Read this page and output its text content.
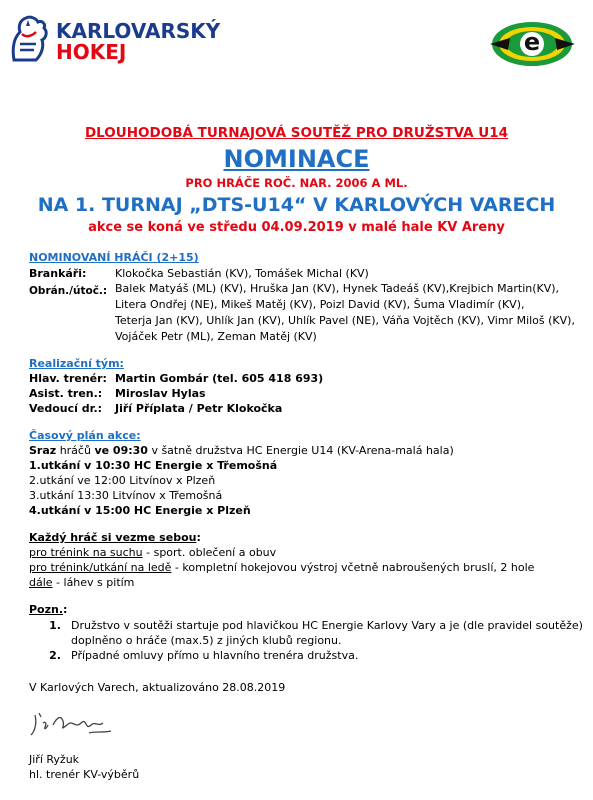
KARLOVARSKÝ
HOKEJ	e
DLOUHODOBÁ TURNAJOVÁ SOUTĚŽ PRO DRUŽSTVA U14
NOMINACE
PRO HRÁČE ROČ. NAR. 2006 A ML.
NA 1. TURNAJ „DTS-U14“ V KARLOVÝCH VARECH
akce se koná ve středu 04.09.2019 v malé hale KV Areny
NOMINOVANÍ HRÁČI (2+15)
Brankáři:	Klokočka Sebastián (KV), Tomášek Michal (KV)
Obrán./útoč.: Balek Matyáš (ML) (KV), Hruška Jan (KV), Hynek Tadeáš (KV),Krejbich Martin(KV),
Litera Ondřej (NE), Mikeš Matěj (KV), Poizl David (KV), Šuma Vladimír (KV),
Teterja Jan (KV), Uhlík Jan (KV), Uhlík Pavel (NE), Váňa Vojtěch (KV), Vimr Miloš (KV),
Vojáček Petr (ML), Zeman Matěj (KV)
Realizační tým:
Hlav. trenér: Martin Gombár (tel. 605 418 693)
Asist. tren.: Miroslav Hylas
Vedoucí dr.: Jiří Příplata / Petr Klokočka
Časový plán akce:
Sraz hráčů ve 09:30 v šatně družstva HC Energie U14 (KV-Arena-malá hala)
1.utkání v 10:30 HC Energie x Třemošná
2.utkání ve 12:00 Litvínov x Plzeň
3.utkání 13:30 Litvínov x Třemošná
4.utkání v 15:00 HC Energie x Plzeň
Každý hráč si vezme sebou:
pro trénink na suchu - sport. oblečení a obuv
pro trénink/utkání na ledě - kompletní hokejovou výstroj včetně nabroušených bruslí, 2 hole
dále - láhev s pitím
Pozn.:
1. Družstvo v soutěži startuje pod hlavičkou HC Energie Karlovy Vary a je (dle pravidel soutěže)
doplněno o hráče (max.5) z jiných klubů regionu.
2. Případné omluvy přímo u hlavního trenéra družstva.
V Karlových Varech, aktualizováno 28.08.2019
Jiří Ryžuk
hl. trenér KV-výběrů
